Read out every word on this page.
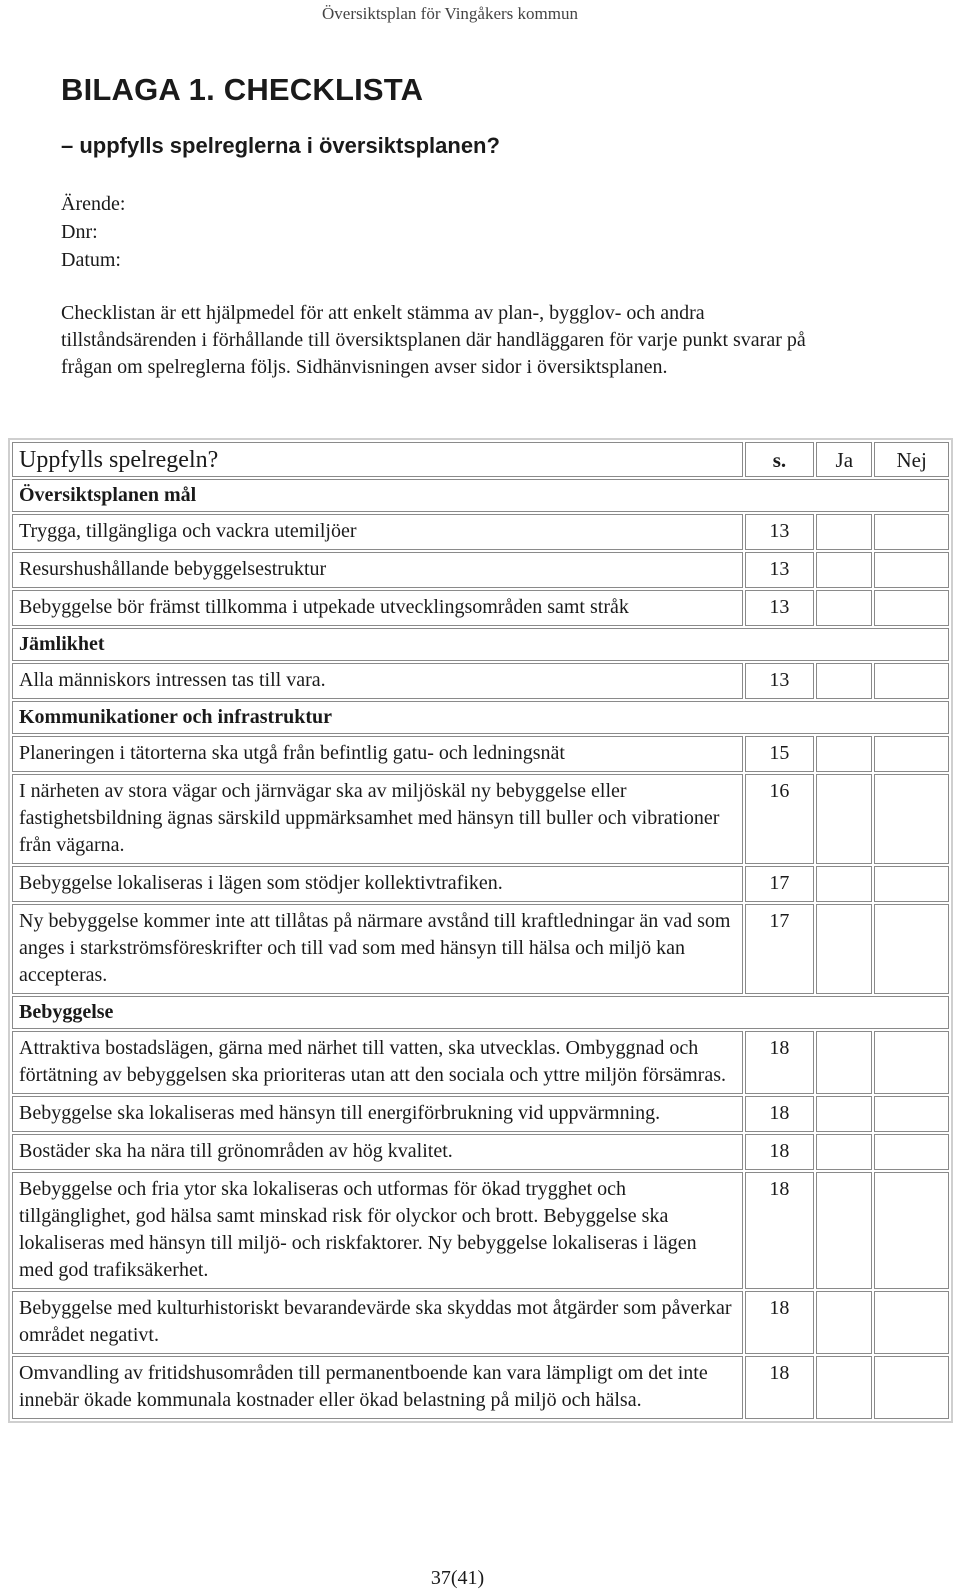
Översiktsplan för Vingåkers kommun
BILAGA 1. CHECKLISTA
– uppfylls spelreglerna i översiktsplanen?
Ärende:
Dnr:
Datum:

Checklistan är ett hjälpmedel för att enkelt stämma av plan-, bygglov- och andra tillståndsärenden i förhållande till översiktsplanen där handläggaren för varje punkt svarar på frågan om spelreglerna följs. Sidhänvisningen avser sidor i översiktsplanen.

Uppfylls spelregeln?	s.	Ja	Nej
Översiktsplanen mål			
Trygga, tillgängliga och vackra utemiljöer	13		
Resurshushållande bebyggelsestruktur	13		
Bebyggelse bör främst tillkomma i utpekade utvecklingsområden samt stråk	13		
Jämlikhet			
Alla människors intressen tas till vara.	13		
Kommunikationer och infrastruktur			
Planeringen i tätorterna ska utgå från befintlig gatu- och ledningsnät	15		
I närheten av stora vägar och järnvägar ska av miljöskäl ny bebyggelse eller fastighetsbildning ägnas särskild uppmärksamhet med hänsyn till buller och vibrationer från vägarna.	16		
Bebyggelse lokaliseras i lägen som stödjer kollektivtrafiken.	17		
Ny bebyggelse kommer inte att tillåtas på närmare avstånd till kraftledningar än vad som anges i starkströmsföreskrifter och till vad som med hänsyn till hälsa och miljö kan accepteras.	17		
Bebyggelse			
Attraktiva bostadslägen, gärna med närhet till vatten, ska utvecklas. Ombyggnad och förtätning av bebyggelsen ska prioriteras utan att den sociala och yttre miljön försämras.	18		
Bebyggelse ska lokaliseras med hänsyn till energiförbrukning vid uppvärmning.	18		
Bostäder ska ha nära till grönområden av hög kvalitet.	18		
Bebyggelse och fria ytor ska lokaliseras och utformas för ökad trygghet och tillgänglighet, god hälsa samt minskad risk för olyckor och brott. Bebyggelse ska lokaliseras med hänsyn till miljö- och riskfaktorer. Ny bebyggelse lokaliseras i lägen med god trafiksäkerhet.	18		
Bebyggelse med kulturhistoriskt bevarandevärde ska skyddas mot åtgärder som påverkar området negativt.	18		
Omvandling av fritidshusområden till permanentboende kan vara lämpligt om det inte innebär ökade kommunala kostnader eller ökad belastning på miljö och hälsa.	18		
37(41)
